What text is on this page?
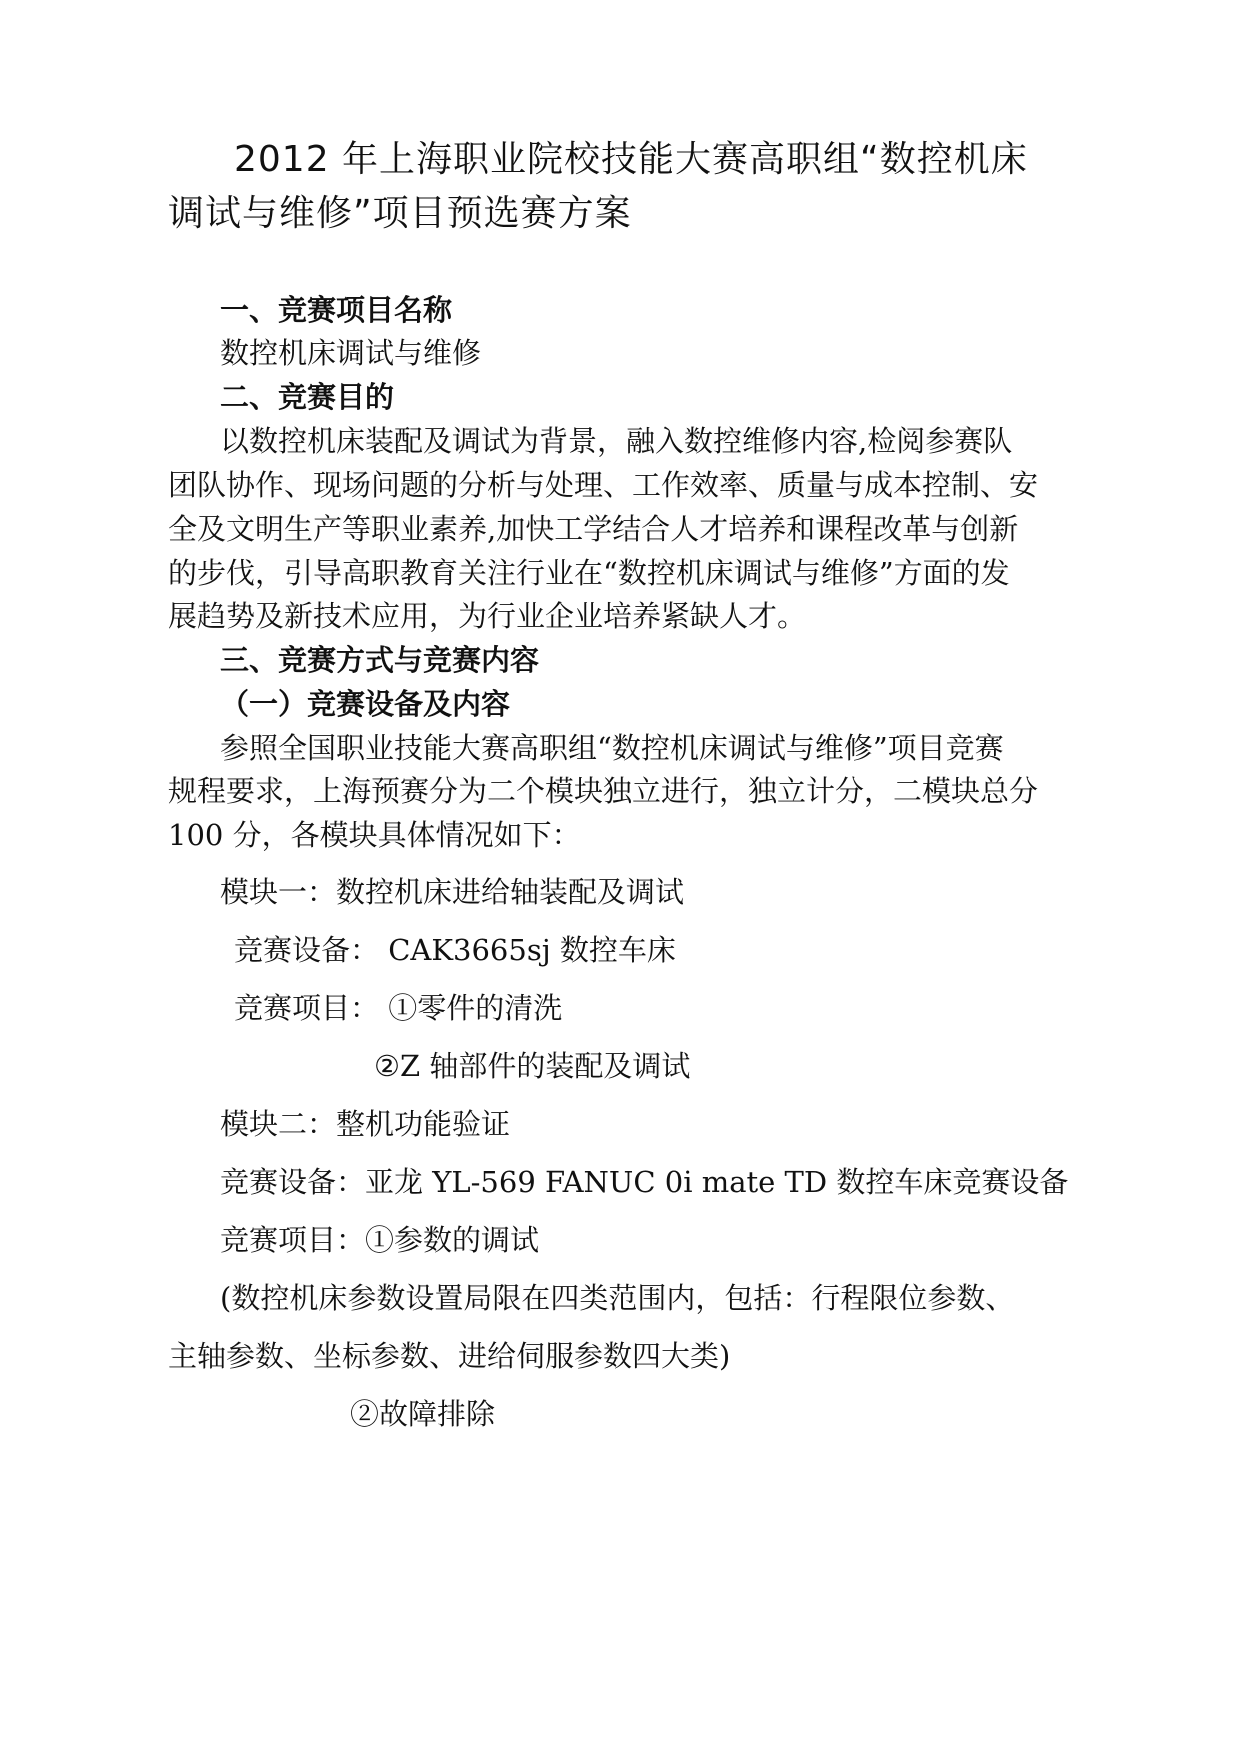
2012 年上海职业院校技能大赛高职组“数控机床
调试与维修”项目预选赛方案
一、竞赛项目名称
数控机床调试与维修
二、竞赛目的
以数控机床装配及调试为背景，融入数控维修内容,检阅参赛队
团队协作、现场问题的分析与处理、工作效率、质量与成本控制、安
全及文明生产等职业素养,加快工学结合人才培养和课程改革与创新
的步伐，引导高职教育关注行业在“数控机床调试与维修”方面的发
展趋势及新技术应用，为行业企业培养紧缺人才。
三、竞赛方式与竞赛内容
（一）竞赛设备及内容
参照全国职业技能大赛高职组“数控机床调试与维修”项目竞赛
规程要求，上海预赛分为二个模块独立进行，独立计分，二模块总分
100 分，各模块具体情况如下：
模块一：数控机床进给轴装配及调试
竞赛设备： CAK3665sj 数控车床
竞赛项目： ①零件的清洗
②Z 轴部件的装配及调试
模块二：整机功能验证
竞赛设备：亚龙 YL-569 FANUC 0i mate TD 数控车床竞赛设备
竞赛项目：①参数的调试
(数控机床参数设置局限在四类范围内，包括：行程限位参数、
主轴参数、坐标参数、进给伺服参数四大类)
②故障排除
